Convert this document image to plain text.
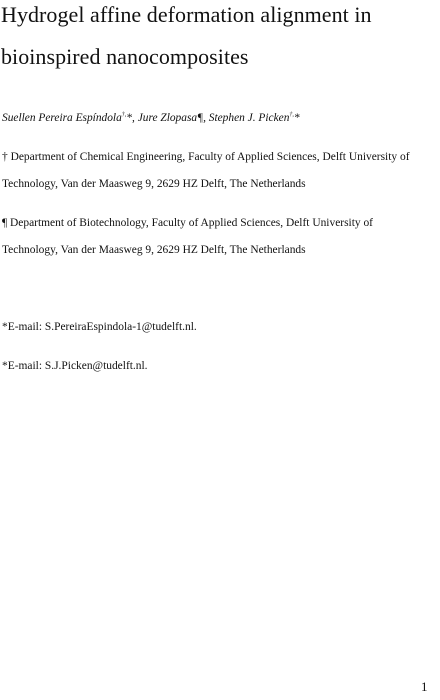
Hydrogel affine deformation alignment in
bioinspired nanocomposites
Suellen Pereira Espíndola†,*, Jure Zlopasa¶, Stephen J. Picken†,*
† Department of Chemical Engineering, Faculty of Applied Sciences, Delft University of
Technology, Van der Maasweg 9, 2629 HZ Delft, The Netherlands
¶ Department of Biotechnology, Faculty of Applied Sciences, Delft University of
Technology, Van der Maasweg 9, 2629 HZ Delft, The Netherlands
*E-mail: S.PereiraEspindola-1@tudelft.nl.
*E-mail: S.J.Picken@tudelft.nl.
1
